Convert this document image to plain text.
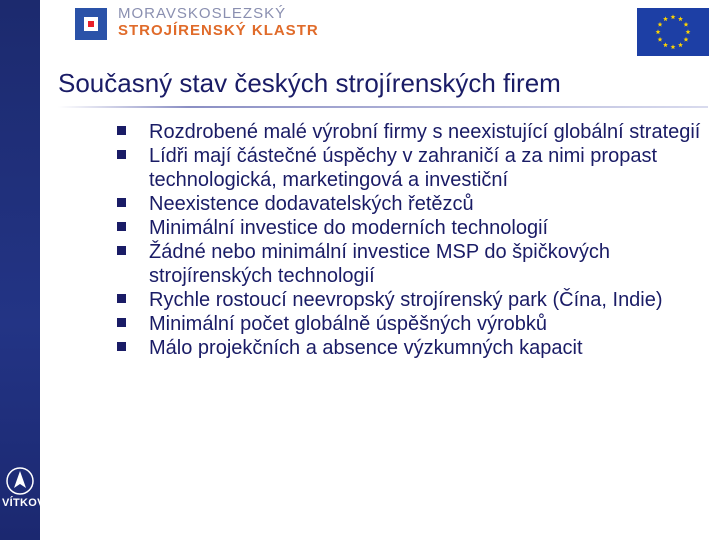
MORAVSKOSLEZSKÝ
STROJÍRENSKÝ KLASTR
Současný stav českých strojírenských firem
Rozdrobené malé výrobní firmy s neexistující globální strategií
Lídři mají částečné úspěchy v zahraničí a za nimi propast technologická, marketingová a investiční
Neexistence dodavatelských řetězců
Minimální investice do moderních technologií
Žádné nebo minimální investice MSP do špičkových strojírenských technologií
Rychle rostoucí neevropský strojírenský park (Čína, Indie)
Minimální počet globálně úspěšných výrobků
Málo projekčních a absence výzkumných kapacit
VÍTKOVICE
